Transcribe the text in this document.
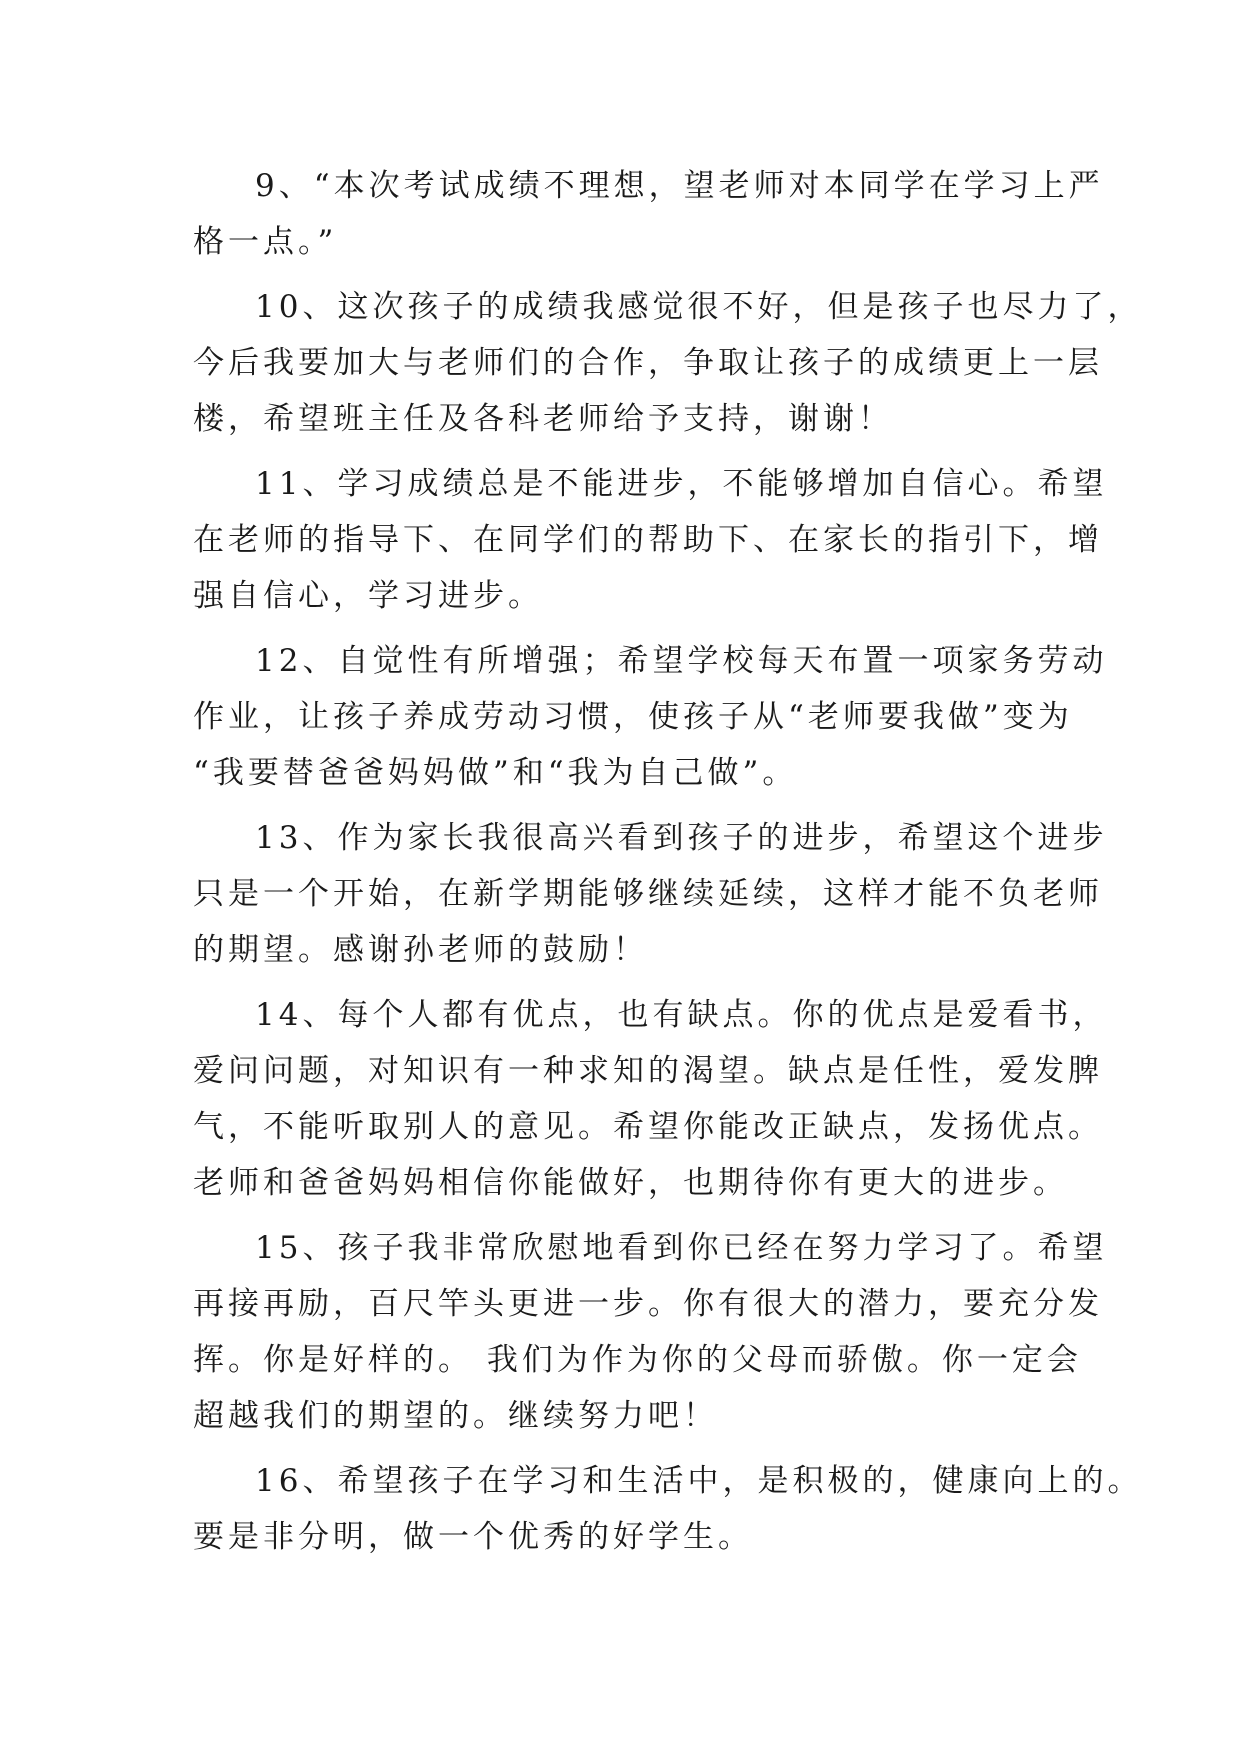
9、“本次考试成绩不理想，望老师对本同学在学习上严
格一点。”
10、这次孩子的成绩我感觉很不好，但是孩子也尽力了，
今后我要加大与老师们的合作，争取让孩子的成绩更上一层
楼，希望班主任及各科老师给予支持，谢谢！
11、学习成绩总是不能进步，不能够增加自信心。希望
在老师的指导下、在同学们的帮助下、在家长的指引下，增
强自信心，学习进步。
12、自觉性有所增强；希望学校每天布置一项家务劳动
作业，让孩子养成劳动习惯，使孩子从“老师要我做”变为
“我要替爸爸妈妈做”和“我为自己做”。
13、作为家长我很高兴看到孩子的进步，希望这个进步
只是一个开始，在新学期能够继续延续，这样才能不负老师
的期望。感谢孙老师的鼓励！
14、每个人都有优点，也有缺点。你的优点是爱看书，
爱问问题，对知识有一种求知的渴望。缺点是任性，爱发脾
气，不能听取别人的意见。希望你能改正缺点，发扬优点。
老师和爸爸妈妈相信你能做好，也期待你有更大的进步。
15、孩子我非常欣慰地看到你已经在努力学习了。希望
再接再励，百尺竿头更进一步。你有很大的潜力，要充分发
挥。你是好样的。 我们为作为你的父母而骄傲。你一定会
超越我们的期望的。继续努力吧！
16、希望孩子在学习和生活中，是积极的，健康向上的。
要是非分明，做一个优秀的好学生。
